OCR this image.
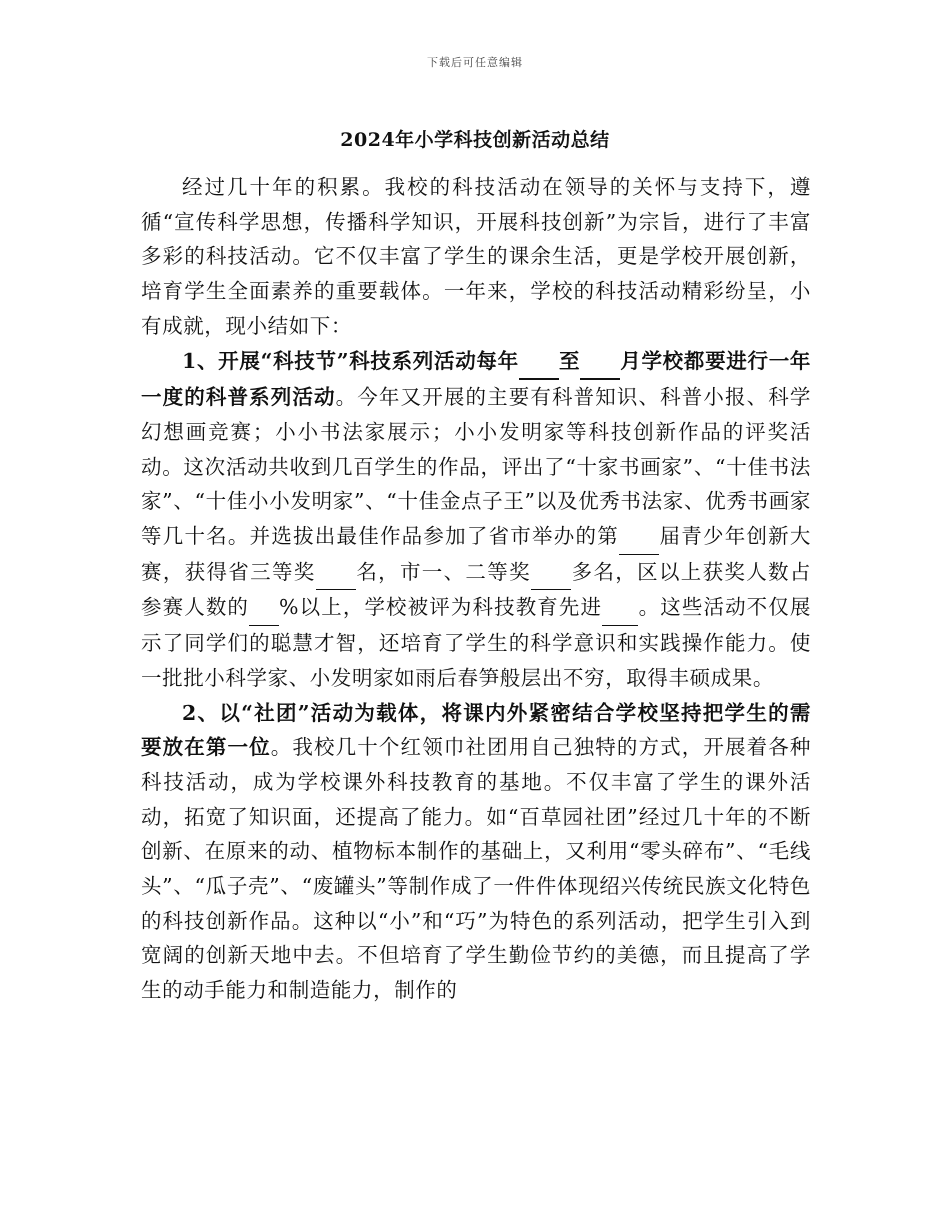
下载后可任意编辑
2024年小学科技创新活动总结

经过几十年的积累。我校的科技活动在领导的关怀与支持下，遵循“宣传科学思想，传播科学知识，开展科技创新”为宗旨，进行了丰富多彩的科技活动。它不仅丰富了学生的课余生活，更是学校开展创新，培育学生全面素养的重要载体。一年来，学校的科技活动精彩纷呈，小有成就，现小结如下：

1、开展“科技节”科技系列活动每年 至 月学校都要进行一年一度的科普系列活动。今年又开展的主要有科普知识、科普小报、科学幻想画竞赛；小小书法家展示；小小发明家等科技创新作品的评奖活动。这次活动共收到几百学生的作品，评出了“十家书画家”、“十佳书法家”、“十佳小小发明家”、“十佳金点子王”以及优秀书法家、优秀书画家等几十名。并选拔出最佳作品参加了省市举办的第 届青少年创新大赛，获得省三等奖 名，市一、二等奖 多名，区以上获奖人数占参赛人数的 %以上，学校被评为科技教育先进 。这些活动不仅展示了同学们的聪慧才智，还培育了学生的科学意识和实践操作能力。使一批批小科学家、小发明家如雨后春笋般层出不穷，取得丰硕成果。

2、以“社团”活动为载体，将课内外紧密结合学校坚持把学生的需要放在第一位。我校几十个红领巾社团用自己独特的方式，开展着各种科技活动，成为学校课外科技教育的基地。不仅丰富了学生的课外活动，拓宽了知识面，还提高了能力。如“百草园社团”经过几十年的不断创新、在原来的动、植物标本制作的基础上，又利用“零头碎布”、“毛线头”、“瓜子壳”、“废罐头”等制作成了一件件体现绍兴传统民族文化特色的科技创新作品。这种以“小”和“巧”为特色的系列活动，把学生引入到宽阔的创新天地中去。不但培育了学生勤俭节约的美德，而且提高了学生的动手能力和制造能力，制作的
